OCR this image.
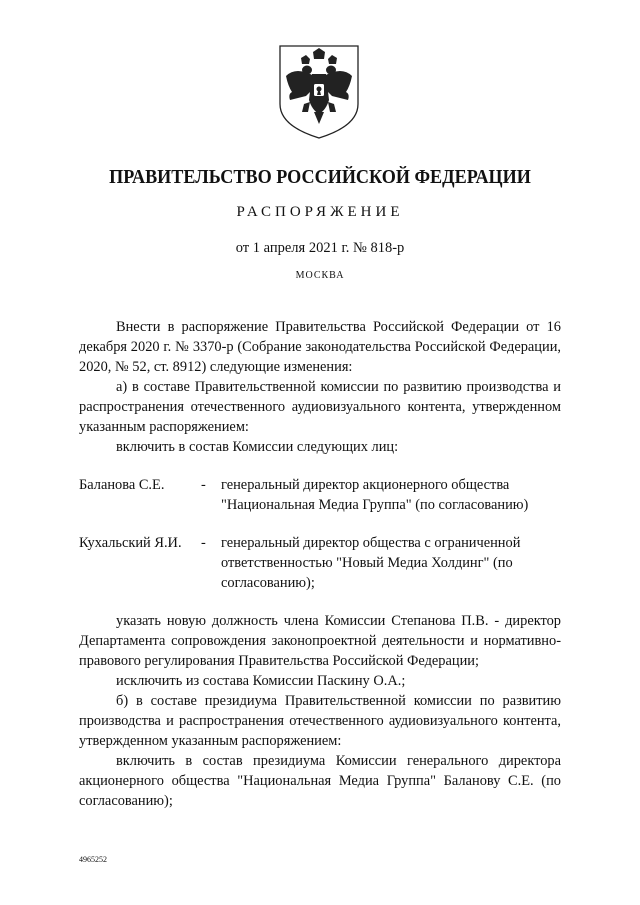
ПРАВИТЕЛЬСТВО РОССИЙСКОЙ ФЕДЕРАЦИИ
РАСПОРЯЖЕНИЕ
от 1 апреля 2021 г. № 818-р
МОСКВА

Внести в распоряжение Правительства Российской Федерации от 16 декабря 2020 г. № 3370-р (Собрание законодательства Российской Федерации, 2020, № 52, ст. 8912) следующие изменения:

а) в составе Правительственной комиссии по развитию производства и распространения отечественного аудиовизуального контента, утвержденном указанным распоряжением:

включить в состав Комиссии следующих лиц:

Баланова С.Е.	-	генеральный директор акционерного общества "Национальная Медиа Группа" (по согласованию)
Кухальский Я.И.	-	генеральный директор общества с ограниченной ответственностью "Новый Медиа Холдинг" (по согласованию);

указать новую должность члена Комиссии Степанова П.В. - директор Департамента сопровождения законопроектной деятельности и нормативно-правового регулирования Правительства Российской Федерации;

исключить из состава Комиссии Паскину О.А.;

б) в составе президиума Правительственной комиссии по развитию производства и распространения отечественного аудиовизуального контента, утвержденном указанным распоряжением:

включить в состав президиума Комиссии генерального директора акционерного общества "Национальная Медиа Группа" Баланову С.Е. (по согласованию);

4965252
